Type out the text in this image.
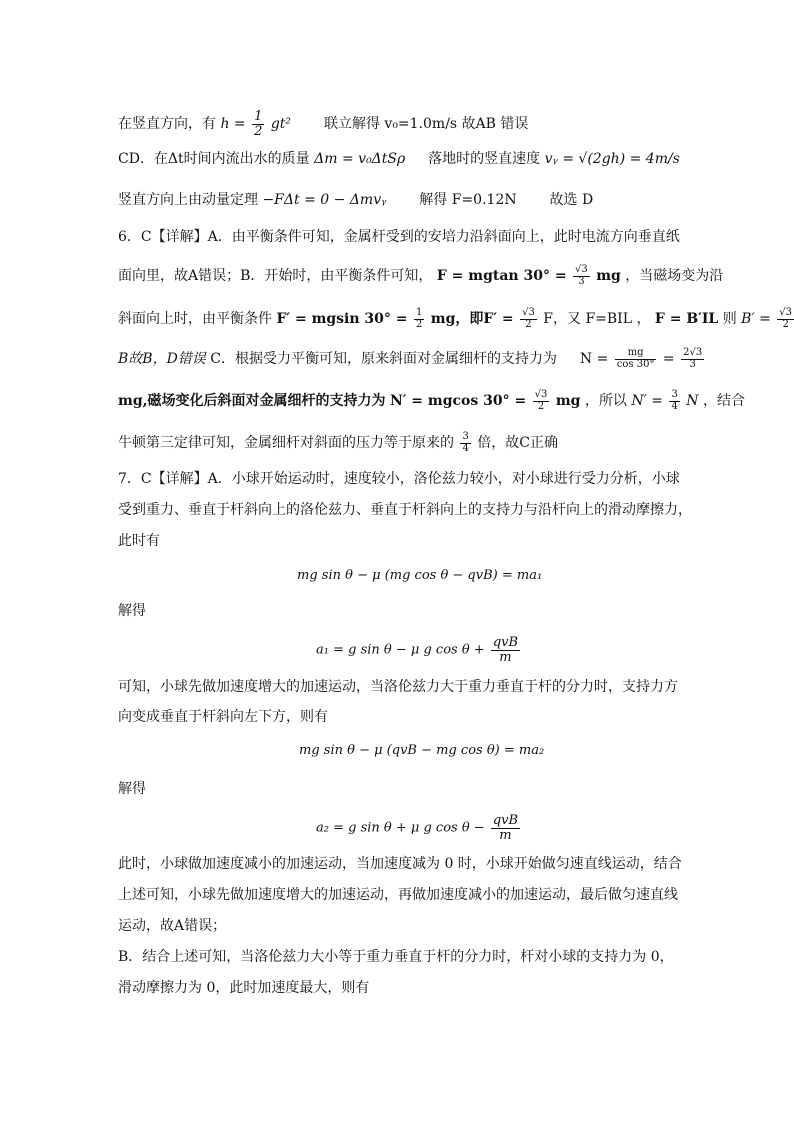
在竖直方向，有 $h = \frac{1}{2} gt^2$ 联立解得 v₀=1.0m/s 故AB 错误
CD．在Δt时间内流出水的质量 Δm = v₀ΔtSρ 落地时的竖直速度 vᵧ = √(2gh) = 4m/s
竖直方向上由动量定理 −FΔt = 0 − Δmvᵧ 解得 F=0.12N 故选 D
6．C【详解】A．由平衡条件可知，金属杆受到的安培力沿斜面向上，此时电流方向垂直纸
面向里，故A错误；B．开始时，由平衡条件可知， F = mgtan $30^\circ = \frac{√3}{3}$ mg ，当磁场变为沿
斜面向上时，由平衡条件 F′ = mgsin $30^\circ = \frac{1}{2}$ mg，即$F' = \frac{√3}{2}$ F，又 F=BIL ， F = B′IL 则 $B' = \frac{√3}{2}$
B故B，D错误 C．根据受力平衡可知，原来斜面对金属细杆的支持力为 $N = \frac{mg}{\cos 30^\circ} = \frac{2√3}{3}$
mg,磁场变化后斜面对金属细杆的支持力为 N′ = mgcos $30^\circ = \frac{√3}{2}$ mg ，所以 $N' = \frac{3}{4}$ N ，结合
牛顿第三定律可知，金属细杆对斜面的压力等于原来的 $\frac{3}{4}$ 倍，故C正确
7．C【详解】A．小球开始运动时，速度较小，洛伦兹力较小，对小球进行受力分析，小球
受到重力、垂直于杆斜向上的洛伦兹力、垂直于杆斜向上的支持力与沿杆向上的滑动摩擦力，
此时有
mg sin θ − μ (mg cos θ − qvB) = ma₁
解得
a₁ = g sin θ − μ g $\cos \theta + \frac{\text{qvB}}{m}$
可知，小球先做加速度增大的加速运动，当洛伦兹力大于重力垂直于杆的分力时，支持力方
向变成垂直于杆斜向左下方，则有
mg sin θ − μ (qvB − mg cos θ) = ma₂
解得
a₂ = g sin θ + μ g $\cos \theta - \frac{\text{qvB}}{m}$
此时，小球做加速度减小的加速运动，当加速度减为 0 时，小球开始做匀速直线运动，结合
上述可知，小球先做加速度增大的加速运动，再做加速度减小的加速运动，最后做匀速直线
运动，故A错误；
B．结合上述可知，当洛伦兹力大小等于重力垂直于杆的分力时，杆对小球的支持力为 0，
滑动摩擦力为 0，此时加速度最大，则有
